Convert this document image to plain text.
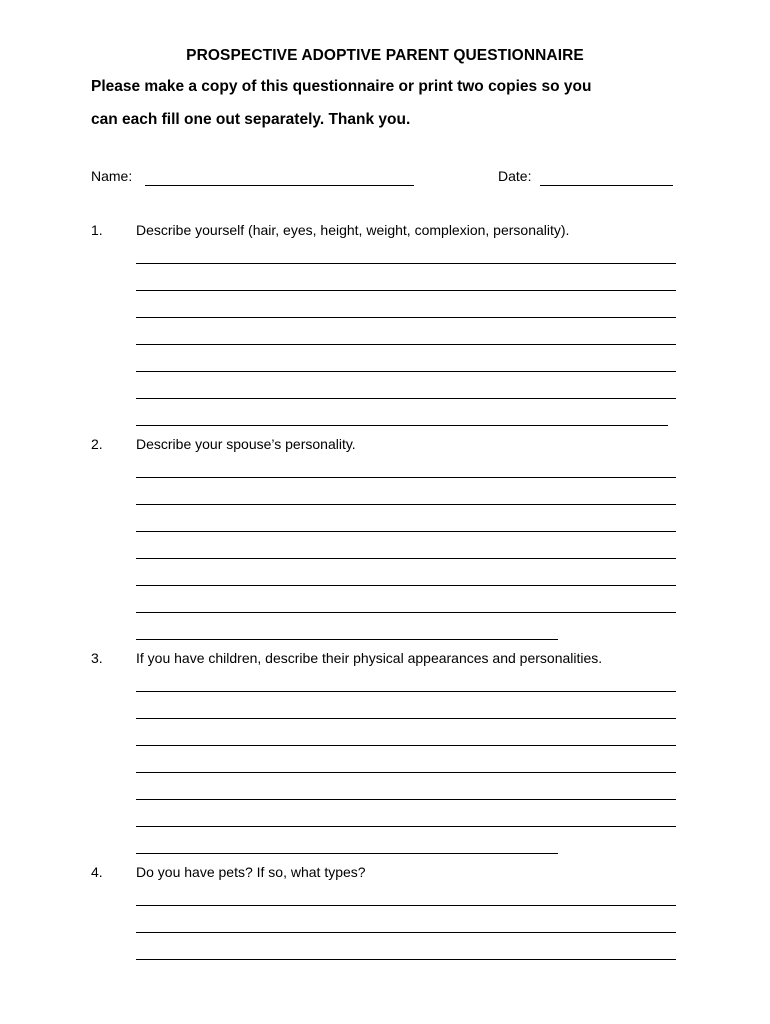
PROSPECTIVE ADOPTIVE PARENT QUESTIONNAIRE
Please make a copy of this questionnaire or print two copies so you
can each fill one out separately. Thank you.
Name:	Date:
1. Describe yourself (hair, eyes, height, weight, complexion, personality).
2. Describe your spouse’s personality.
3. If you have children, describe their physical appearances and personalities.
4. Do you have pets? If so, what types?
